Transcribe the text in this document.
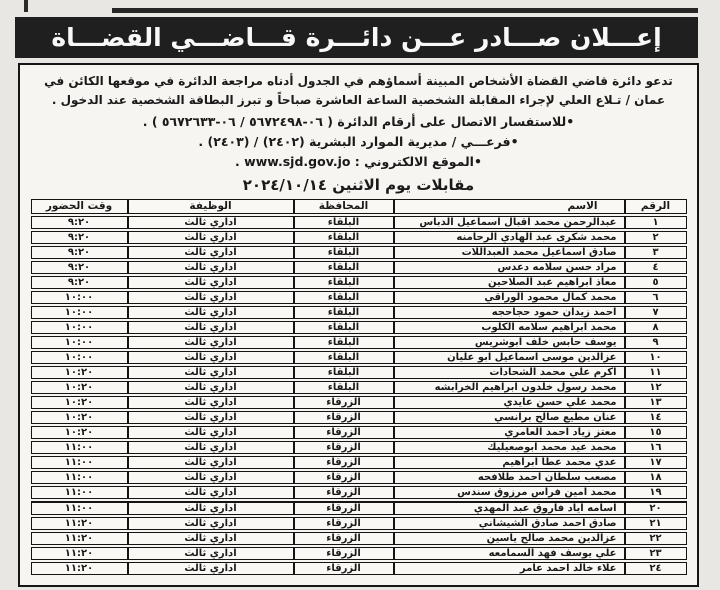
إعـــلان صـــادر عـــن دائـــرة قـــاضـــي القضـــاة
تدعو دائرة قاضي القضاة الأشخاص المبينة أسماؤهم في الجدول أدناه مراجعة الدائرة في موقعها الكائن في عمان / تـلاع العلي لإجراء المقابلة الشخصية الساعة العاشرة صباحاً و تبرز البطاقة الشخصية عند الدخول .
•للاستفسار الاتصال على أرقام الدائرة ( ٠٦-٥٦٧٢٤٩٨ / ٠٦-٥٦٧٢٦٣٣ ) .
•فرعـــي / مديرية الموارد البشرية (٢٤٠٢) / (٢٤٠٣) .
•الموقع الالكتروني : www.sjd.gov.jo .
مقابلات يوم الاثنين ٢٠٢٤/١٠/١٤
الرقم	الاسم	المحافظة	الوظيفة	وقت الحضور
١	عبدالرحمن محمد اقبال اسماعيل الدباس	البلقاء	اداري ثالث	٩:٢٠
٢	محمد شكرى عبد الهادي الرحامنه	البلقاء	اداري ثالث	٩:٢٠
٣	صادق اسماعيل محمد العبداللات	البلقاء	اداري ثالث	٩:٢٠
٤	مراد حسن سلامه دعدس	البلقاء	اداري ثالث	٩:٢٠
٥	معاذ ابراهيم عبد الصلاحين	البلقاء	اداري ثالث	٩:٢٠
٦	محمد كمال محمود الوراقي	البلقاء	اداري ثالث	١٠:٠٠
٧	احمد زيدان حمود حجاحجه	البلقاء	اداري ثالث	١٠:٠٠
٨	محمد ابراهيم سلامه الكلوب	البلقاء	اداري ثالث	١٠:٠٠
٩	يوسف حابس خلف ابوشريس	البلقاء	اداري ثالث	١٠:٠٠
١٠	عزالدين موسى اسماعيل ابو عليان	البلقاء	اداري ثالث	١٠:٠٠
١١	اكرم علي محمد الشحادات	البلقاء	اداري ثالث	١٠:٢٠
١٢	محمد رسول خلدون ابراهيم الخرابشه	البلقاء	اداري ثالث	١٠:٢٠
١٣	محمد علي حسن عايدي	الزرقاء	اداري ثالث	١٠:٢٠
١٤	عنان مطيع صالح برانسي	الزرقاء	اداري ثالث	١٠:٢٠
١٥	معتز زياد احمد العامري	الزرقاء	اداري ثالث	١٠:٢٠
١٦	محمد عيد محمد ابوصعيليك	الزرقاء	اداري ثالث	١١:٠٠
١٧	عدي محمد عطا ابراهيم	الزرقاء	اداري ثالث	١١:٠٠
١٨	مصعب سلطان احمد طلافحه	الزرقاء	اداري ثالث	١١:٠٠
١٩	محمد امين فراس مرزوق سندس	الزرقاء	اداري ثالث	١١:٠٠
٢٠	اسامه اياد فاروق عبد المهدي	الزرقاء	اداري ثالث	١١:٠٠
٢١	صادق احمد صادق الشيشاني	الزرقاء	اداري ثالث	١١:٢٠
٢٢	عزالدين محمد صالح ياسين	الزرقاء	اداري ثالث	١١:٢٠
٢٣	علي يوسف فهد السمامعه	الزرقاء	اداري ثالث	١١:٢٠
٢٤	علاء خالد احمد عامر	الزرقاء	اداري ثالث	١١:٢٠
